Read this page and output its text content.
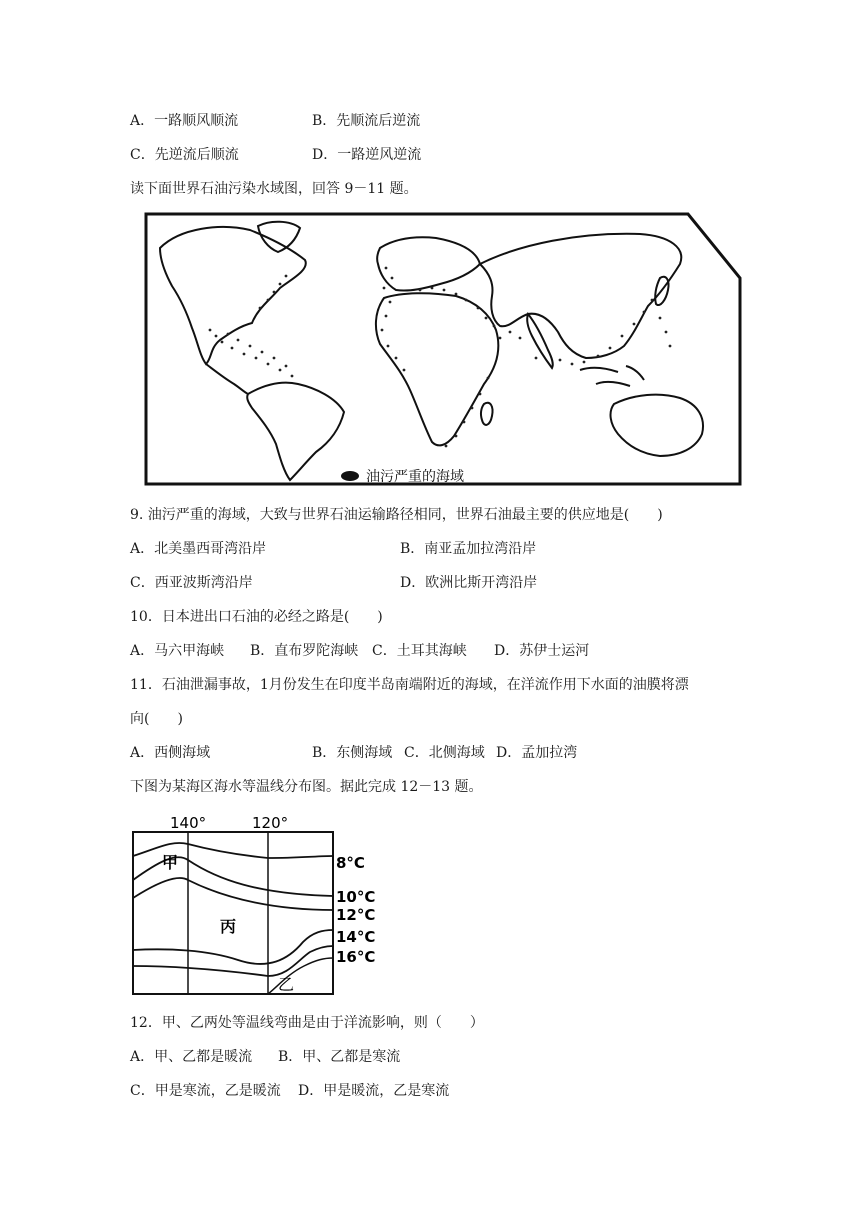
A．一路顺风顺流	B．先顺流后逆流
C．先逆流后顺流	D．一路逆风逆流
读下面世界石油污染水域图，回答 9－11 题。
油污严重的海域
9. 油污严重的海域，大致与世界石油运输路径相同，世界石油最主要的供应地是(　　)
A．北美墨西哥湾沿岸	B．南亚孟加拉湾沿岸
C．西亚波斯湾沿岸	D．欧洲比斯开湾沿岸
10．日本进出口石油的必经之路是(　　)
A．马六甲海峡 B．直布罗陀海峡 C．土耳其海峡 D．苏伊士运河
11．石油泄漏事故，1月份发生在印度半岛南端附近的海域，在洋流作用下水面的油膜将漂
向(　　)
A．西侧海域	B．东侧海域 C．北侧海域 D．孟加拉湾
下图为某海区海水等温线分布图。据此完成 12－13 题。
140°	120°
8°C
10°C
12°C
14°C
16°C
甲
乙
丙
12．甲、乙两处等温线弯曲是由于洋流影响，则（　　）
A．甲、乙都是暖流 B．甲、乙都是寒流
C．甲是寒流，乙是暖流 D．甲是暖流，乙是寒流
